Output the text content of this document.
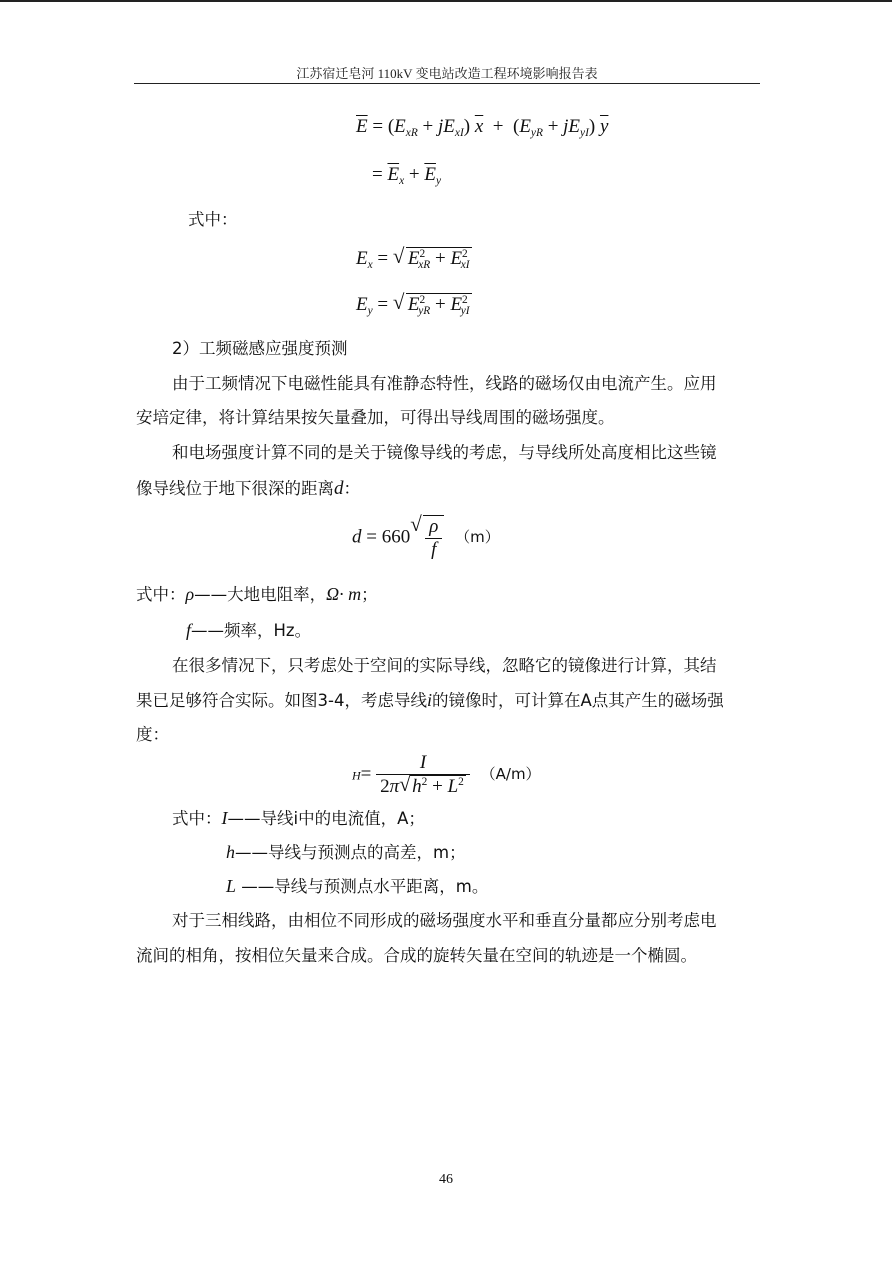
江苏宿迁皂河 110kV 变电站改造工程环境影响报告表
$\overline{E} = (E_{xR} + jE_{xI}) \overline{x} + (E_{yR} + jE_{yI})$ $\overline{y}$
= $\overline{E}_x + \overline{E}_y$
式中：
$E_x$ = √ $E^2_{xR} + E^2_{xI}$
$E_y$ = √ $E^2_{yR} + E^2_{yI}$
2）工频磁感应强度预测
由于工频情况下电磁性能具有准静态特性，线路的磁场仅由电流产生。应用
安培定律，将计算结果按矢量叠加，可得出导线周围的磁场强度。
和电场强度计算不同的是关于镜像导线的考虑，与导线所处高度相比这些镜
像导线位于地下很深的距离d：
d = 660 √ $\frac{\rho}{f} (m)$
式中：ρ——大地电阻率，Ω· m；
f——频率，Hz。
在很多情况下，只考虑处于空间的实际导线，忽略它的镜像进行计算，其结
果已足够符合实际。如图3-4，考虑导线i的镜像时，可计算在A点其产生的磁场强
度：
$H= \frac{I}{2\pi √ h^2 + L^2} (A/m)$
式中：I——导线i中的电流值，A；
h——导线与预测点的高差，m；
L ——导线与预测点水平距离，m。
对于三相线路，由相位不同形成的磁场强度水平和垂直分量都应分别考虑电
流间的相角，按相位矢量来合成。合成的旋转矢量在空间的轨迹是一个椭圆。
46
